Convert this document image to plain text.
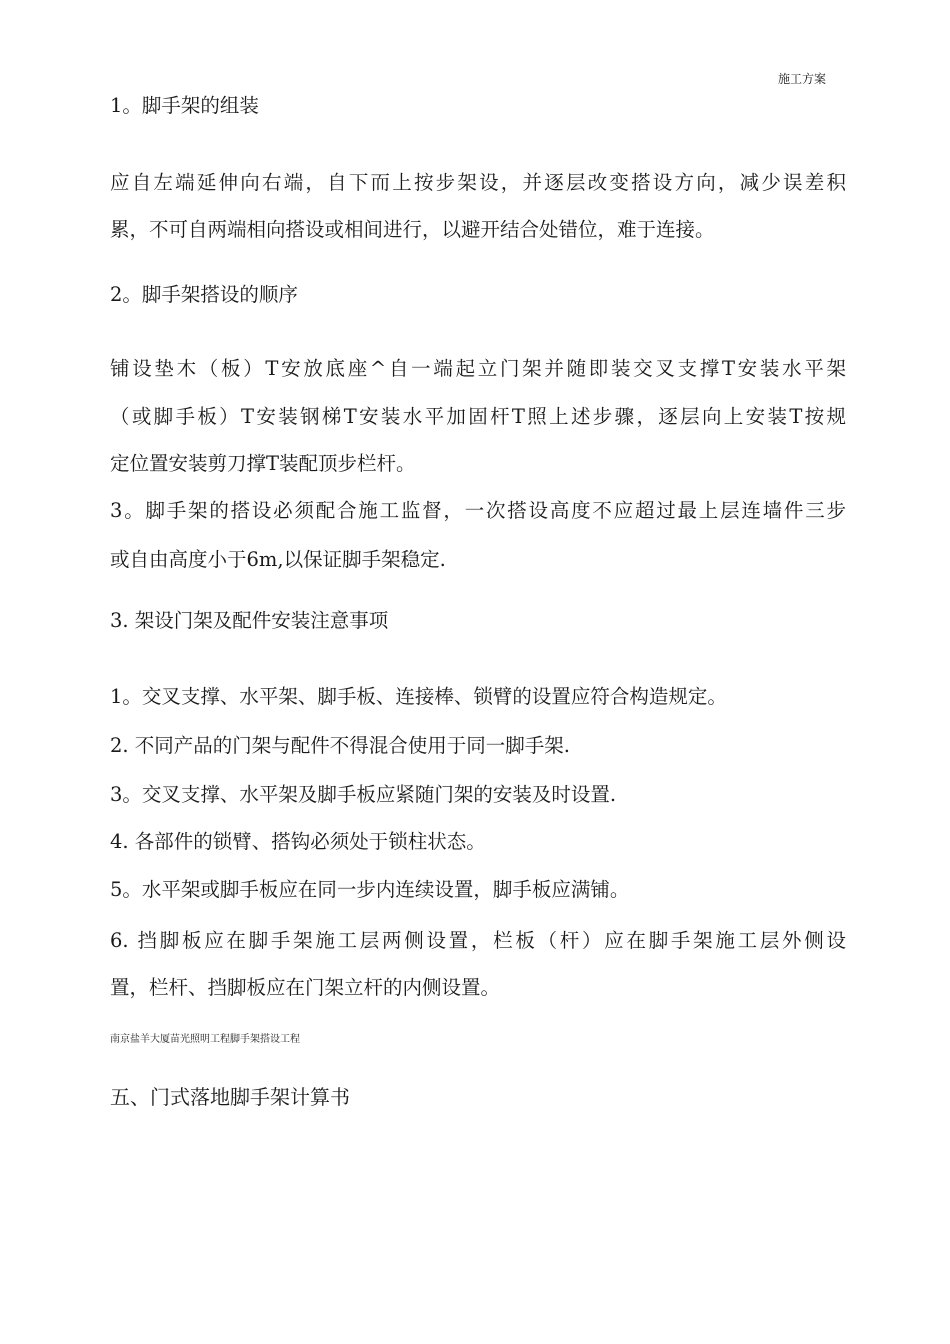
施工方案
1。脚手架的组装
应自左端延伸向右端，自下而上按步架设，并逐层改变搭设方向，减少误差积
累，不可自两端相向搭设或相间进行，以避开结合处错位，难于连接。
2。脚手架搭设的顺序
铺设垫木（板）T安放底座^自一端起立门架并随即装交叉支撑T安装水平架
（或脚手板）T安装钢梯T安装水平加固杆T照上述步骤，逐层向上安装T按规
定位置安装剪刀撑T装配顶步栏杆。
3。脚手架的搭设必须配合施工监督，一次搭设高度不应超过最上层连墙件三步
或自由高度小于6m,以保证脚手架稳定.
3. 架设门架及配件安装注意事项
1。交叉支撑、水平架、脚手板、连接棒、锁臂的设置应符合构造规定。
2. 不同产品的门架与配件不得混合使用于同一脚手架.
3。交叉支撑、水平架及脚手板应紧随门架的安装及时设置.
4. 各部件的锁臂、搭钩必须处于锁柱状态。
5。水平架或脚手板应在同一步内连续设置，脚手板应满铺。
6. 挡脚板应在脚手架施工层两侧设置，栏板（杆）应在脚手架施工层外侧设
置，栏杆、挡脚板应在门架立杆的内侧设置。
南京盐羊大厦苗光照明工程脚手架搭设工程
五、门式落地脚手架计算书
